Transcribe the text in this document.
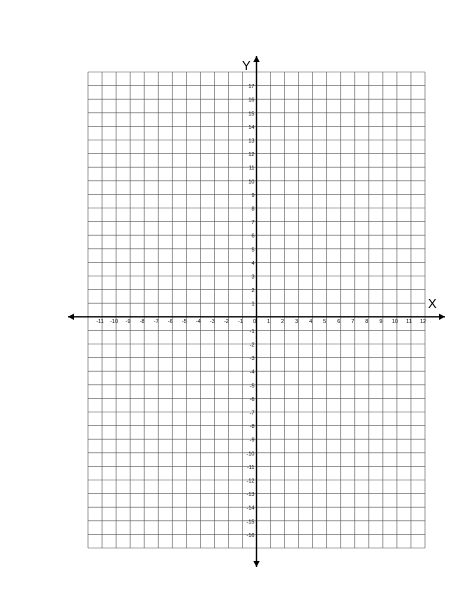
-11 -10 -9 -8 -7 -6 -5 -4 -3 -2 -1 0 1 2 3 4 5 6 7 8 9 10 11 12
17
16
15
14
13
12
11
10
9
8
7
6
5
4
3
2
1
-1
-2
-3
-4
-5
-6
-7
-8
-9
-10
-11
-12
-13
-14
-15
-16
X
Y
